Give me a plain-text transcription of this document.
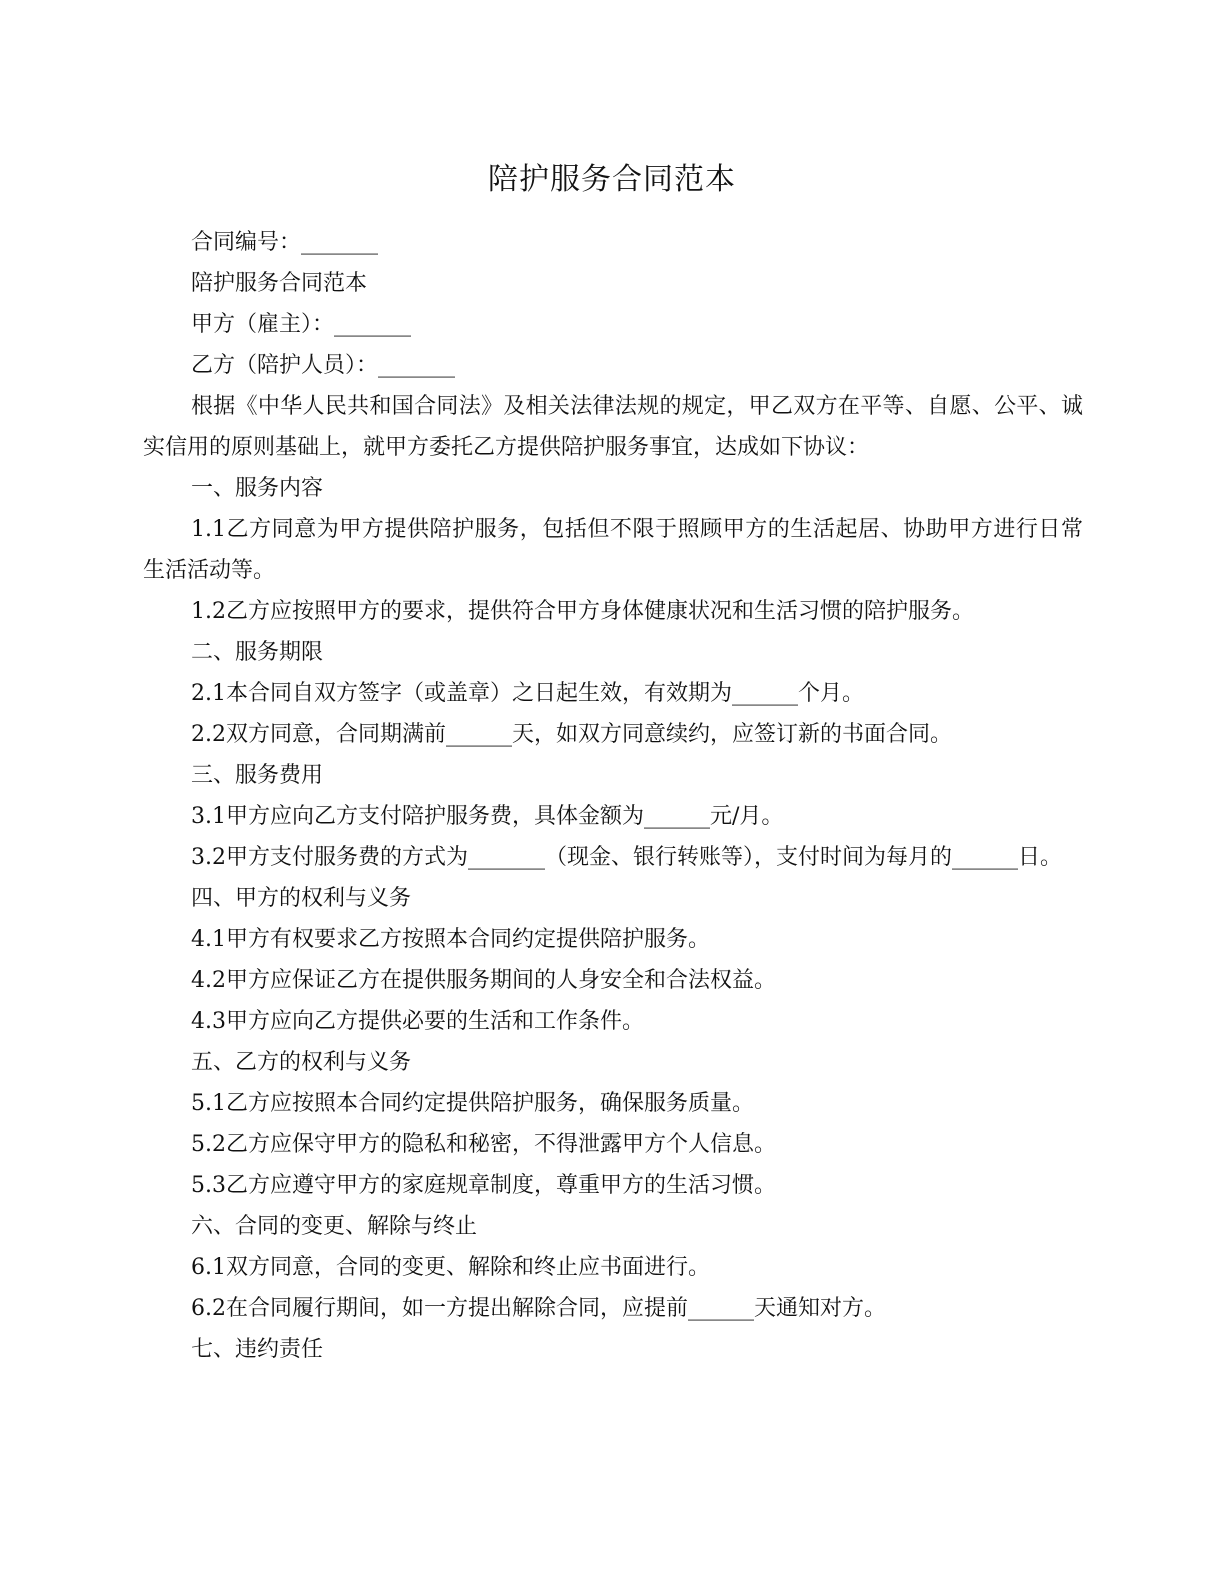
陪护服务合同范本

合同编号：_______

陪护服务合同范本

甲方（雇主）：_______

乙方（陪护人员）：_______

根据《中华人民共和国合同法》及相关法律法规的规定，甲乙双方在平等、自愿、公平、诚实信用的原则基础上，就甲方委托乙方提供陪护服务事宜，达成如下协议：

一、服务内容

1.1乙方同意为甲方提供陪护服务，包括但不限于照顾甲方的生活起居、协助甲方进行日常生活活动等。

1.2乙方应按照甲方的要求，提供符合甲方身体健康状况和生活习惯的陪护服务。

二、服务期限

2.1本合同自双方签字（或盖章）之日起生效，有效期为______个月。

2.2双方同意，合同期满前______天，如双方同意续约，应签订新的书面合同。

三、服务费用

3.1甲方应向乙方支付陪护服务费，具体金额为______元/月。

3.2甲方支付服务费的方式为_______（现金、银行转账等），支付时间为每月的______日。

四、甲方的权利与义务

4.1甲方有权要求乙方按照本合同约定提供陪护服务。

4.2甲方应保证乙方在提供服务期间的人身安全和合法权益。

4.3甲方应向乙方提供必要的生活和工作条件。

五、乙方的权利与义务

5.1乙方应按照本合同约定提供陪护服务，确保服务质量。

5.2乙方应保守甲方的隐私和秘密，不得泄露甲方个人信息。

5.3乙方应遵守甲方的家庭规章制度，尊重甲方的生活习惯。

六、合同的变更、解除与终止

6.1双方同意，合同的变更、解除和终止应书面进行。

6.2在合同履行期间，如一方提出解除合同，应提前______天通知对方。

七、违约责任
